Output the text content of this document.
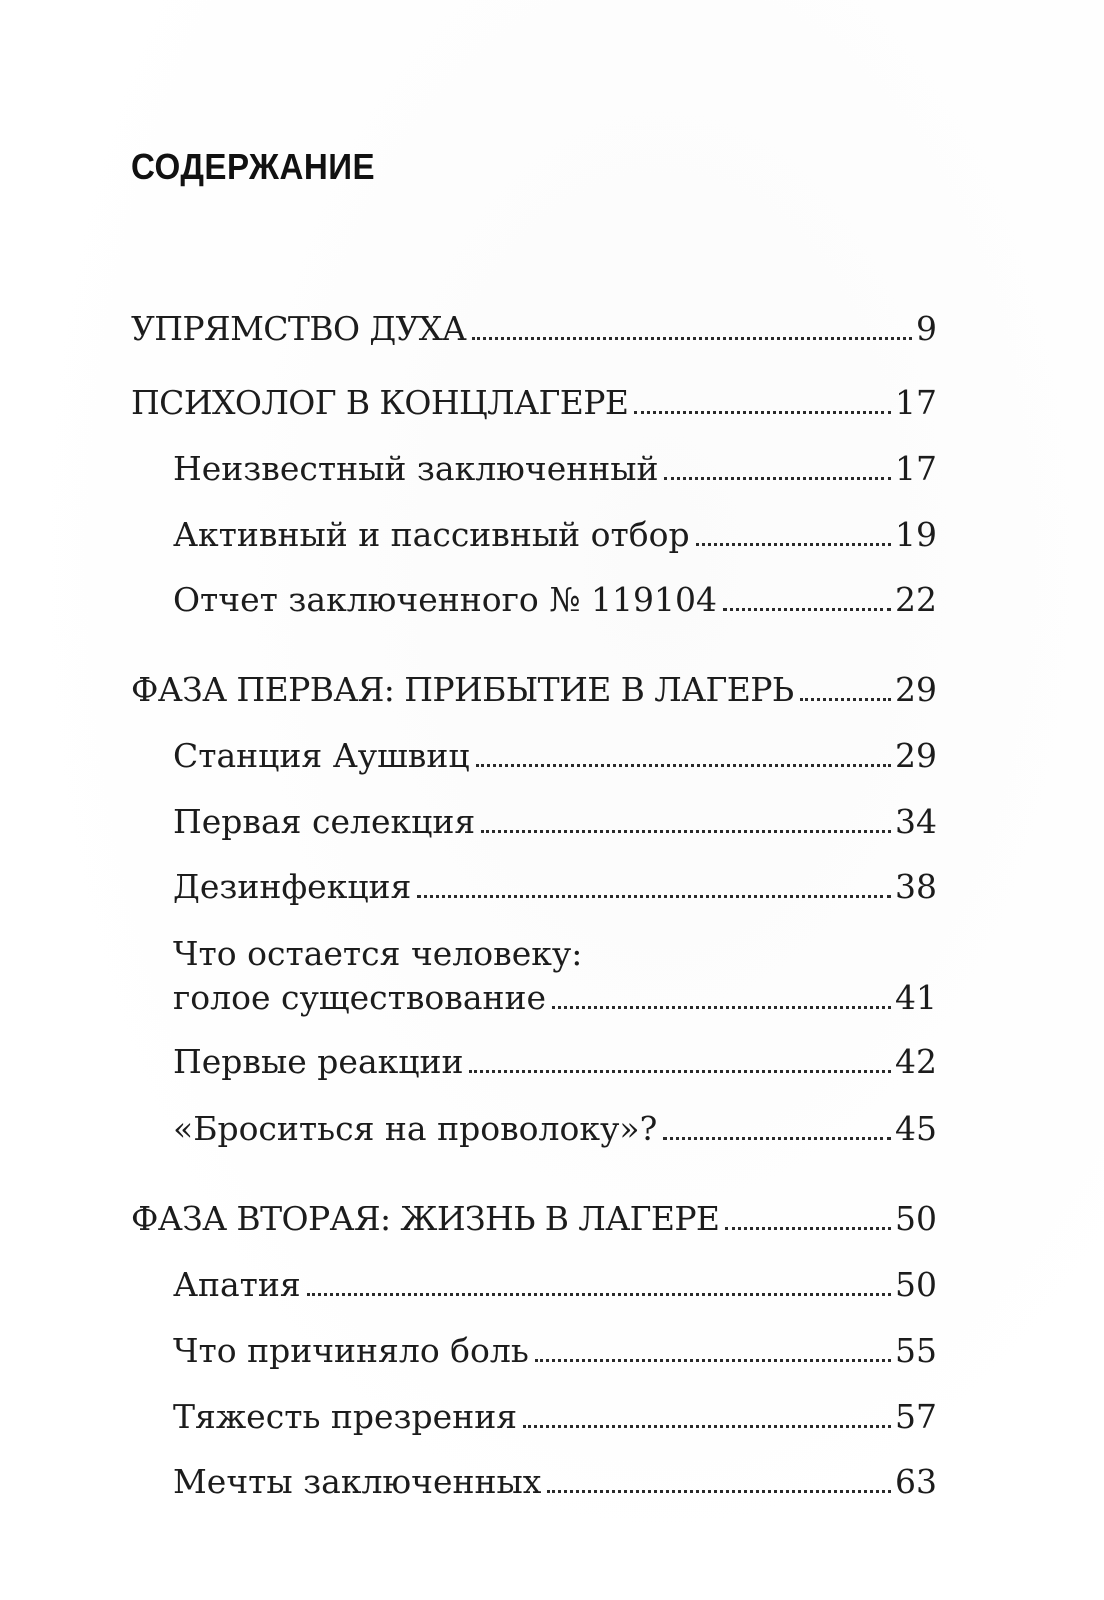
СОДЕРЖАНИЕ
УПРЯМСТВО ДУХА	9
ПСИХОЛОГ В КОНЦЛАГЕРЕ	17
Неизвестный заключенный	17
Активный и пассивный отбор	19
Отчет заключенного № 119104	22
ФАЗА ПЕРВАЯ: ПРИБЫТИЕ В ЛАГЕРЬ	29
Станция Аушвиц	29
Первая селекция	34
Дезинфекция	38
Что остается человеку:
голое существование	41
Первые реакции	42
«Броситься на проволоку»?	45
ФАЗА ВТОРАЯ: ЖИЗНЬ В ЛАГЕРЕ	50
Апатия	50
Что причиняло боль	55
Тяжесть презрения	57
Мечты заключенных	63
